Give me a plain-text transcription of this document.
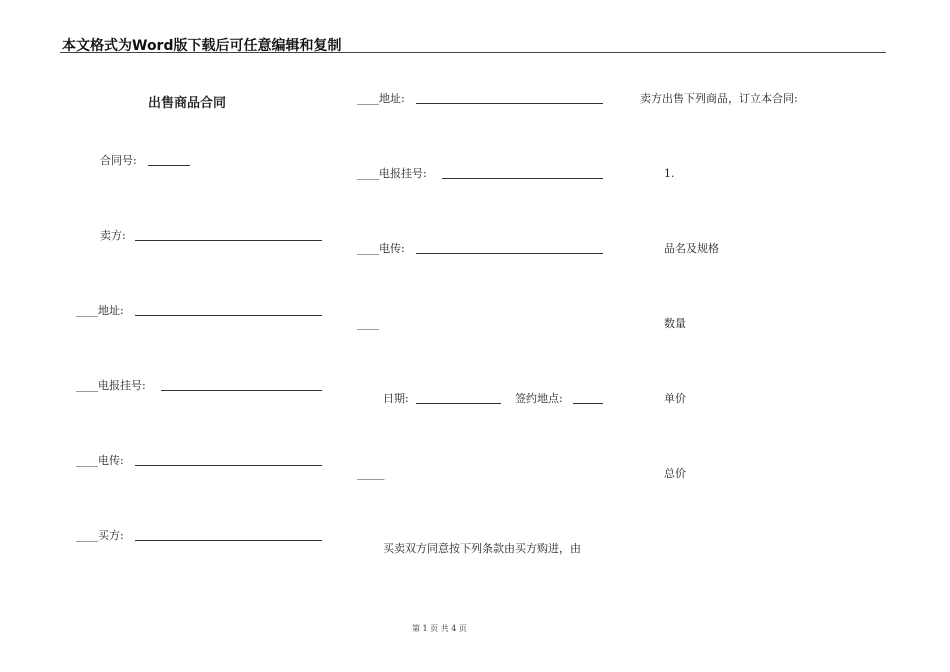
本文格式为Word版下载后可任意编辑和复制
出售商品合同
合同号:
卖方:
____地址:
____电报挂号:
____电传:
____买方:
____地址:
____电报挂号:
____电传:
____
日期:	签约地点:
_____
买卖双方同意按下列条款由买方购进，由
卖方出售下列商品，订立本合同:
1.
品名及规格
数量
单价
总价
第 1 页 共 4 页
